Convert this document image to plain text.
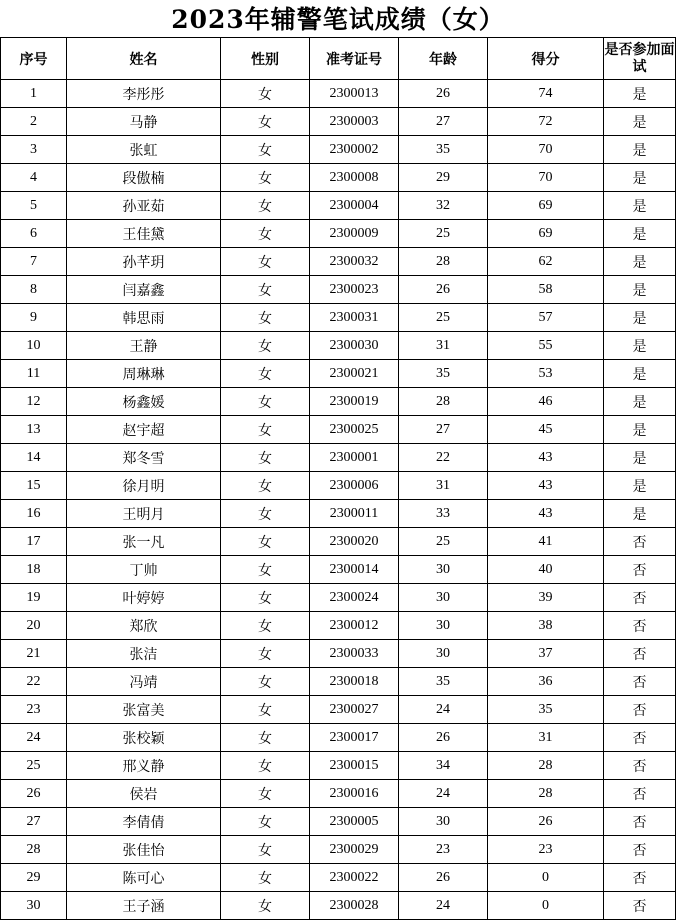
2023年辅警笔试成绩（女）
序号	姓名	性别	准考证号	年龄	得分	是否参加面试
1	李彤彤	女	2300013	26	74	是
2	马静	女	2300003	27	72	是
3	张虹	女	2300002	35	70	是
4	段傲楠	女	2300008	29	70	是
5	孙亚茹	女	2300004	32	69	是
6	王佳黛	女	2300009	25	69	是
7	孙芊玥	女	2300032	28	62	是
8	闫嘉鑫	女	2300023	26	58	是
9	韩思雨	女	2300031	25	57	是
10	王静	女	2300030	31	55	是
11	周琳琳	女	2300021	35	53	是
12	杨鑫媛	女	2300019	28	46	是
13	赵宇超	女	2300025	27	45	是
14	郑冬雪	女	2300001	22	43	是
15	徐月明	女	2300006	31	43	是
16	王明月	女	2300011	33	43	是
17	张一凡	女	2300020	25	41	否
18	丁帅	女	2300014	30	40	否
19	叶婷婷	女	2300024	30	39	否
20	郑欣	女	2300012	30	38	否
21	张洁	女	2300033	30	37	否
22	冯靖	女	2300018	35	36	否
23	张富美	女	2300027	24	35	否
24	张校颖	女	2300017	26	31	否
25	邢义静	女	2300015	34	28	否
26	侯岩	女	2300016	24	28	否
27	李倩倩	女	2300005	30	26	否
28	张佳怡	女	2300029	23	23	否
29	陈可心	女	2300022	26	0	否
30	王子涵	女	2300028	24	0	否
